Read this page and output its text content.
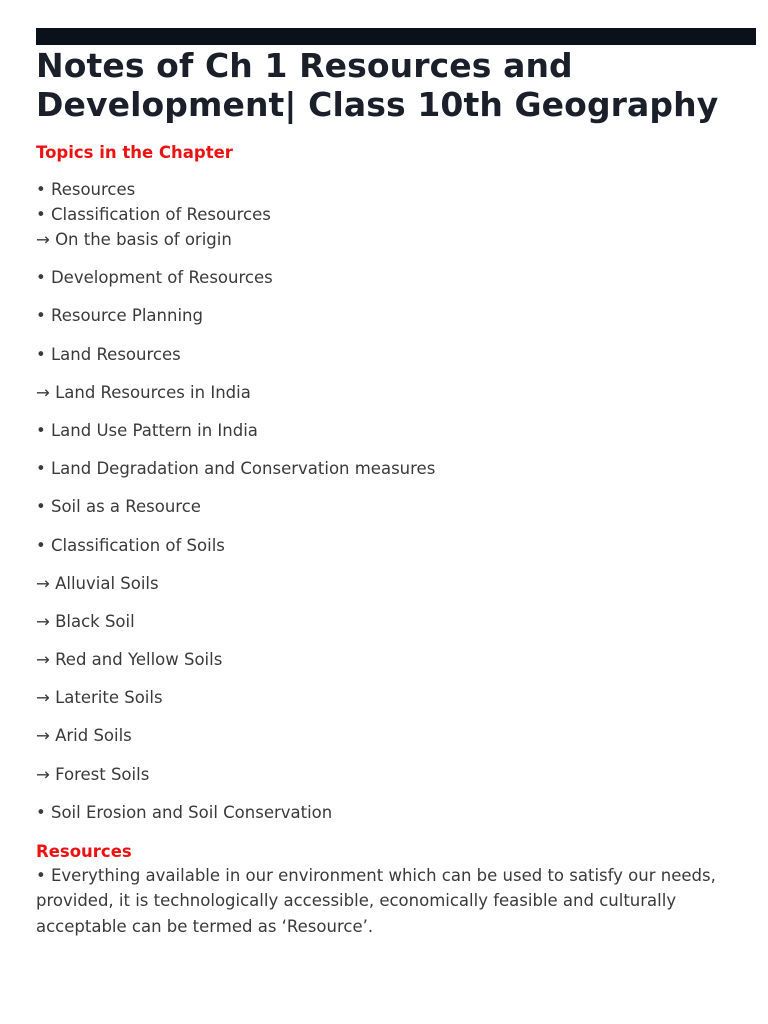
Notes of Ch 1 Resources and
Development| Class 10th Geography
Topics in the Chapter
• Resources
• Classification of Resources
→ On the basis of origin
• Development of Resources
• Resource Planning
• Land Resources
→ Land Resources in India
• Land Use Pattern in India
• Land Degradation and Conservation measures
• Soil as a Resource
• Classification of Soils
→ Alluvial Soils
→ Black Soil
→ Red and Yellow Soils
→ Laterite Soils
→ Arid Soils
→ Forest Soils
• Soil Erosion and Soil Conservation
Resources

• Everything available in our environment which can be used to satisfy our needs, provided, it is technologically accessible, economically feasible and culturally acceptable can be termed as ‘Resource’.
